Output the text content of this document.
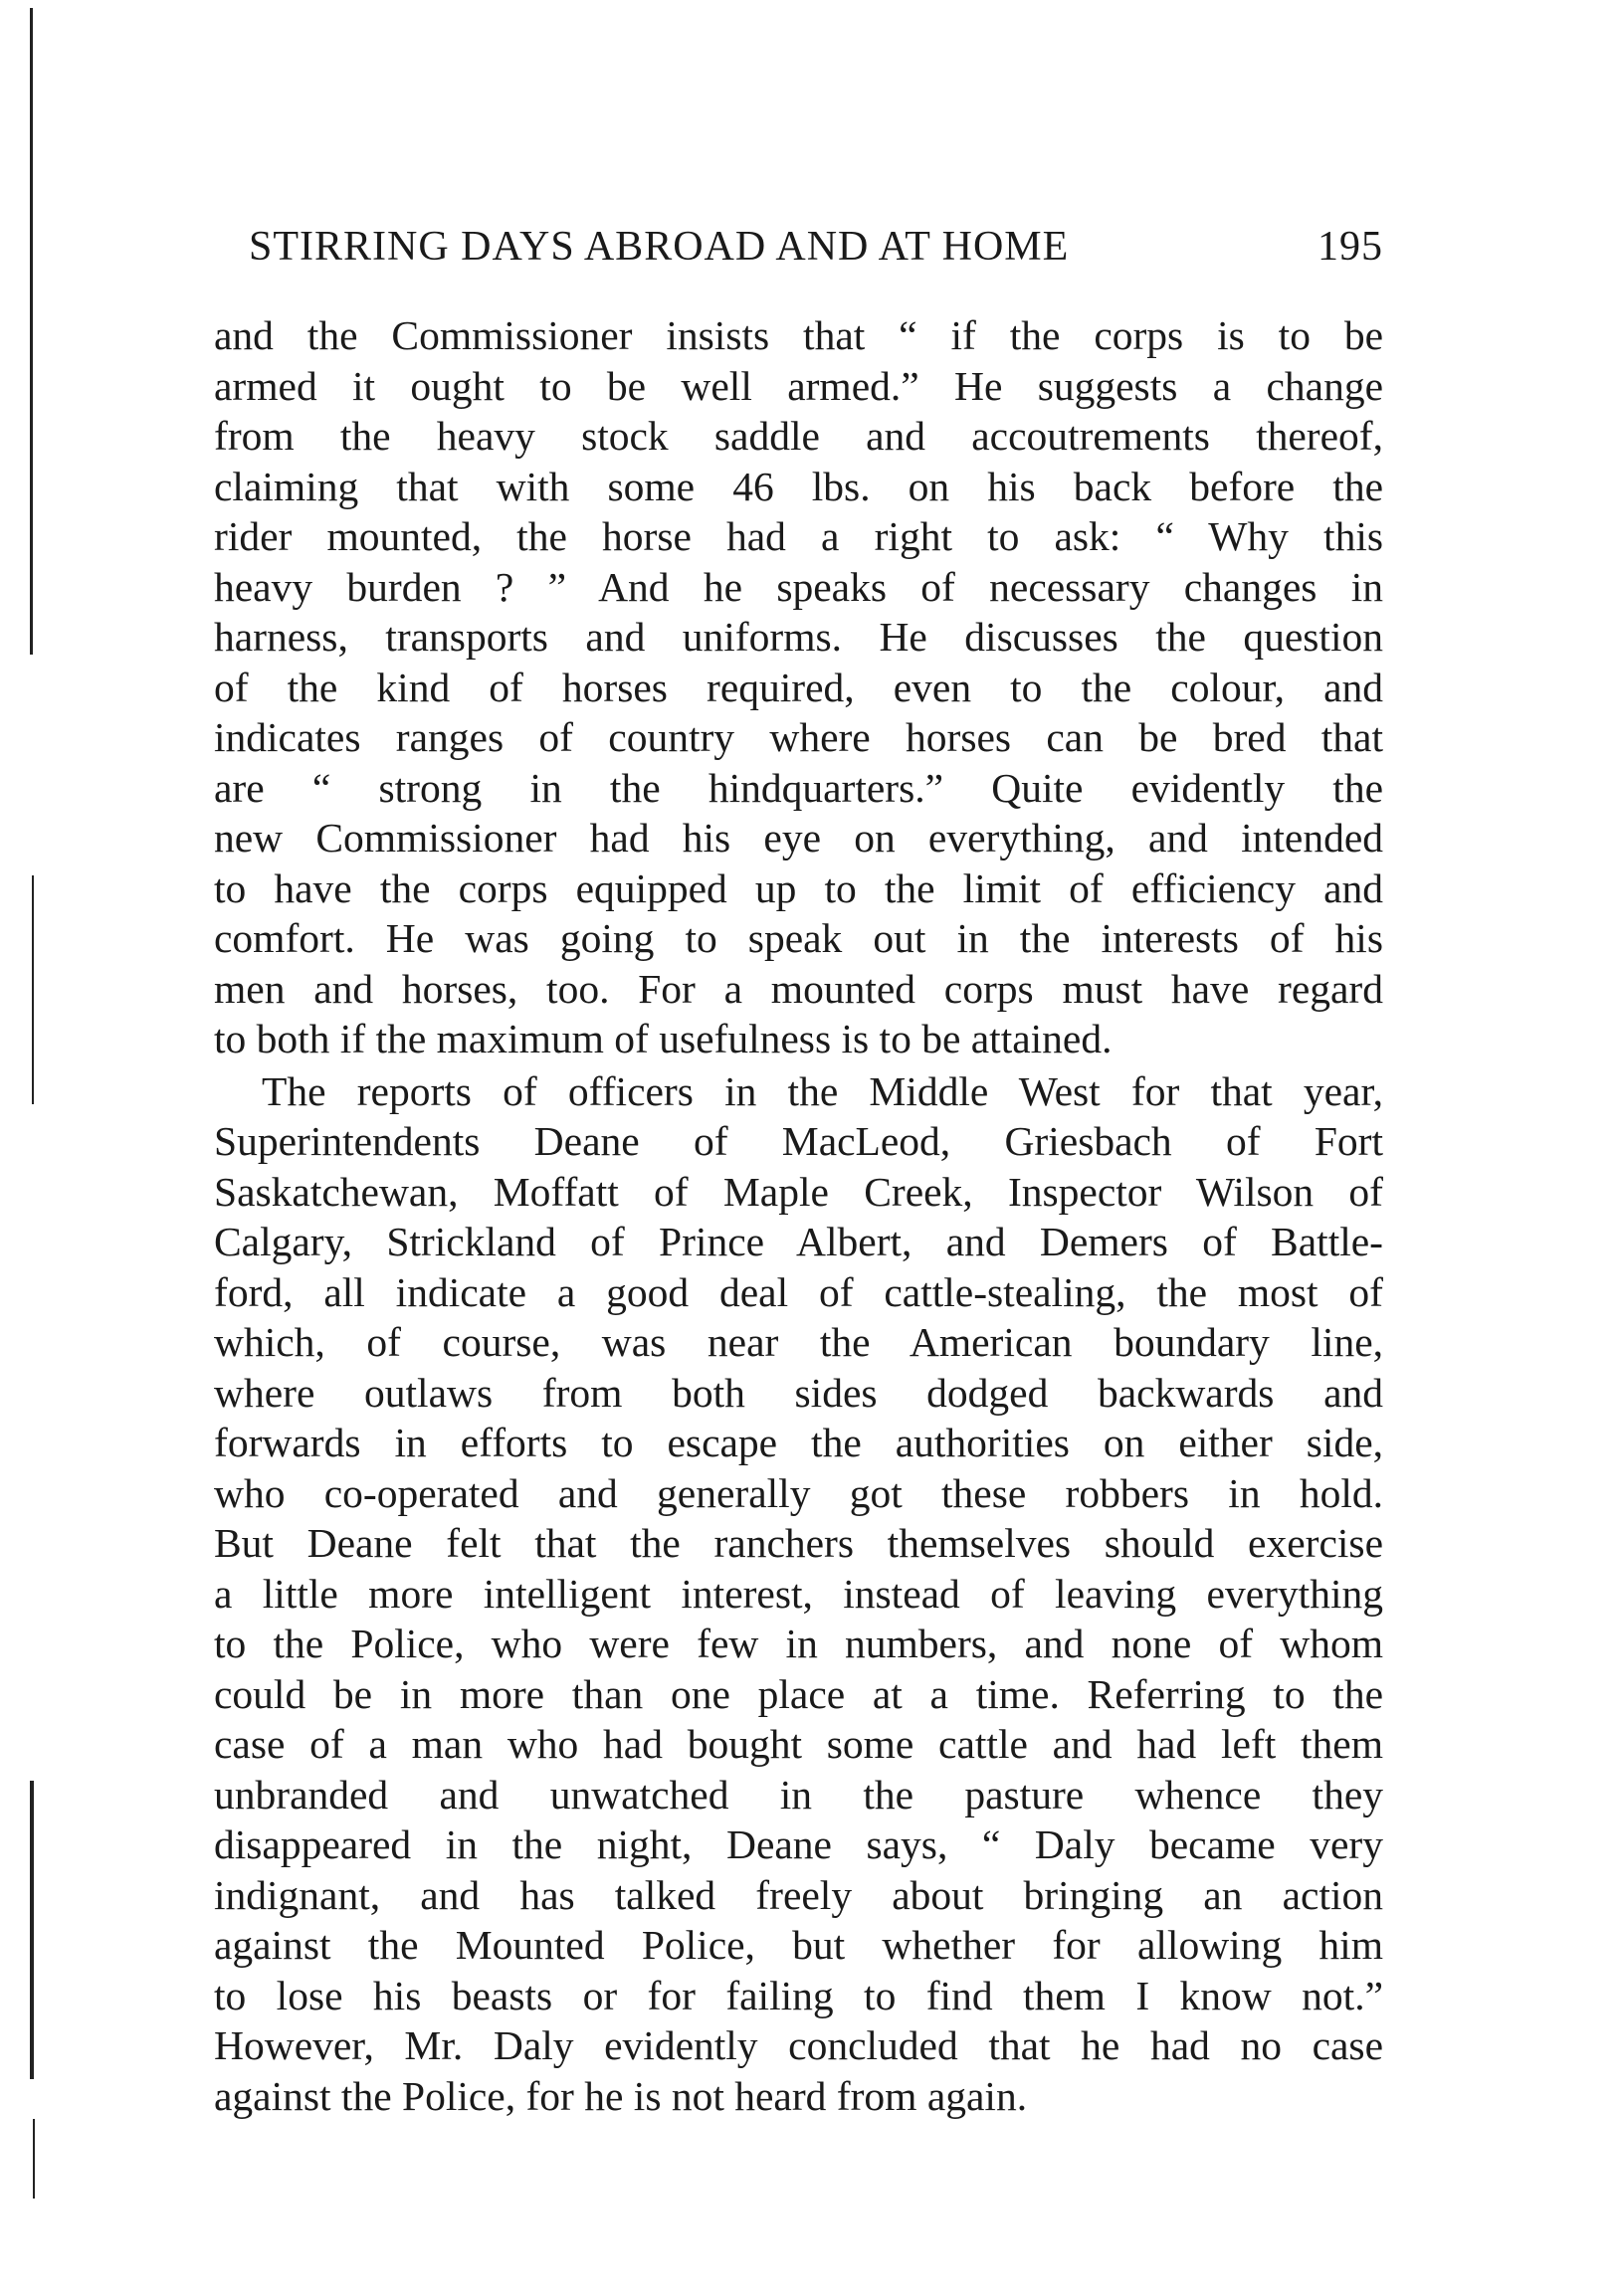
STIRRING DAYS ABROAD AND AT HOME	195
and the Commissioner insists that “ if the corps is to be
armed it ought to be well armed.” He suggests a change
from the heavy stock saddle and accoutrements thereof,
claiming that with some 46 lbs. on his back before the
rider mounted, the horse had a right to ask: “ Why this
heavy burden ? ” And he speaks of necessary changes in
harness, transports and uniforms. He discusses the question
of the kind of horses required, even to the colour, and
indicates ranges of country where horses can be bred that
are “ strong in the hindquarters.” Quite evidently the
new Commissioner had his eye on everything, and intended
to have the corps equipped up to the limit of efficiency and
comfort. He was going to speak out in the interests of his
men and horses, too. For a mounted corps must have regard
to both if the maximum of usefulness is to be attained.
The reports of officers in the Middle West for that year,
Superintendents Deane of MacLeod, Griesbach of Fort
Saskatchewan, Moffatt of Maple Creek, Inspector Wilson of
Calgary, Strickland of Prince Albert, and Demers of Battle-
ford, all indicate a good deal of cattle-stealing, the most of
which, of course, was near the American boundary line,
where outlaws from both sides dodged backwards and
forwards in efforts to escape the authorities on either side,
who co-operated and generally got these robbers in hold.
But Deane felt that the ranchers themselves should exercise
a little more intelligent interest, instead of leaving everything
to the Police, who were few in numbers, and none of whom
could be in more than one place at a time. Referring to the
case of a man who had bought some cattle and had left them
unbranded and unwatched in the pasture whence they
disappeared in the night, Deane says, “ Daly became very
indignant, and has talked freely about bringing an action
against the Mounted Police, but whether for allowing him
to lose his beasts or for failing to find them I know not.”
However, Mr. Daly evidently concluded that he had no case
against the Police, for he is not heard from again.
